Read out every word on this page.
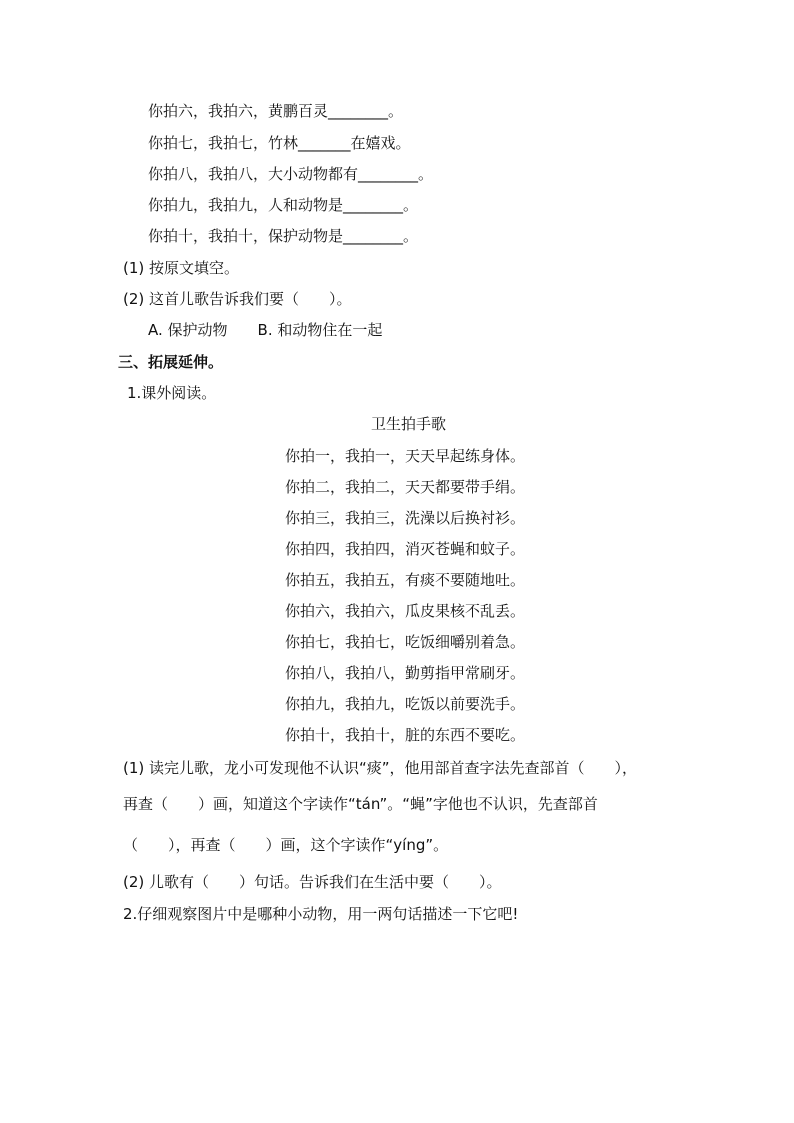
你拍六，我拍六，黄鹏百灵________。
你拍七，我拍七，竹林_______在嬉戏。
你拍八，我拍八，大小动物都有________。
你拍九，我拍九，人和动物是________。
你拍十，我拍十，保护动物是________。
(1) 按原文填空。
(2) 这首儿歌告诉我们要（　　）。
A. 保护动物　　B. 和动物住在一起
三、拓展延伸。
1.课外阅读。
卫生拍手歌
你拍一，我拍一，天天早起练身体。
你拍二，我拍二，天天都要带手绢。
你拍三，我拍三，洗澡以后换衬衫。
你拍四，我拍四，消灭苍蝇和蚊子。
你拍五，我拍五，有痰不要随地吐。
你拍六，我拍六，瓜皮果核不乱丢。
你拍七，我拍七，吃饭细嚼别着急。
你拍八，我拍八，勤剪指甲常刷牙。
你拍九，我拍九，吃饭以前要洗手。
你拍十，我拍十，脏的东西不要吃。
(1) 读完儿歌，龙小可发现他不认识“痰”，他用部首查字法先查部首（　　），
再查（　　）画，知道这个字读作“tán”。“蝇”字他也不认识，先查部首
（　　），再查（　　）画，这个字读作“yíng”。
(2) 儿歌有（　　）句话。告诉我们在生活中要（　　）。
2.仔细观察图片中是哪种小动物，用一两句话描述一下它吧!
